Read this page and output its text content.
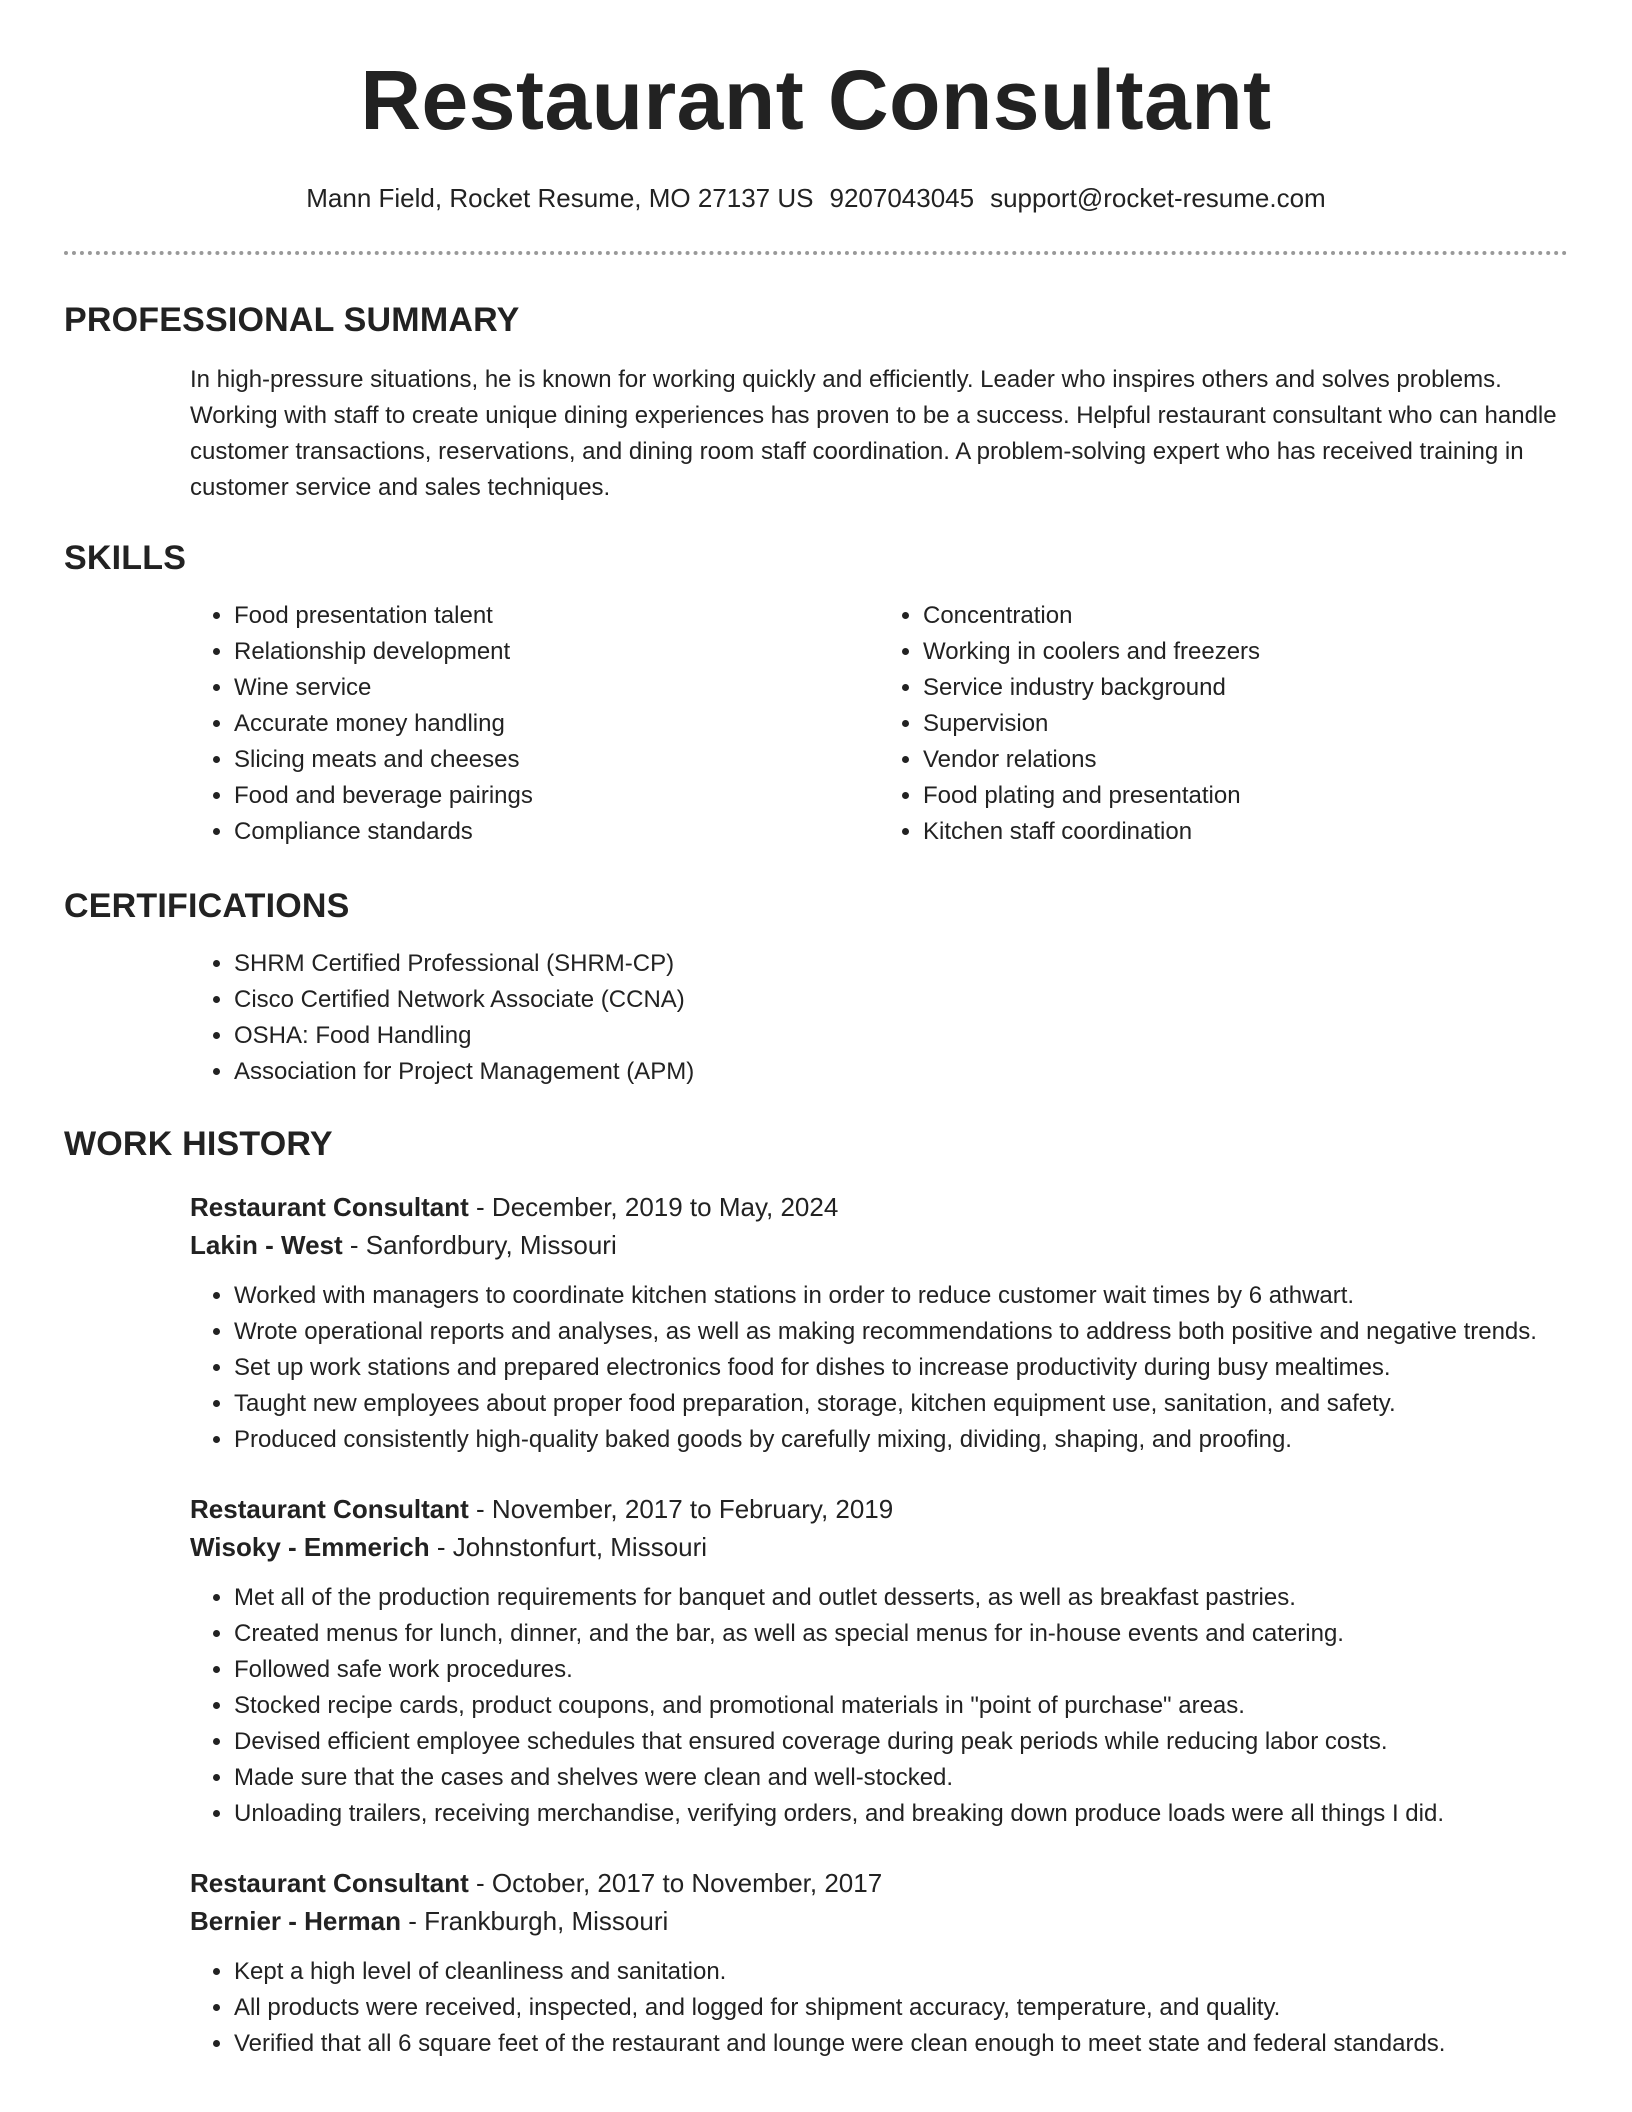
Restaurant Consultant
Mann Field, Rocket Resume, MO 27137 US 9207043045 support@rocket-resume.com
PROFESSIONAL SUMMARY
In high-pressure situations, he is known for working quickly and efficiently. Leader who inspires others and solves problems. Working with staff to create unique dining experiences has proven to be a success. Helpful restaurant consultant who can handle customer transactions, reservations, and dining room staff coordination. A problem-solving expert who has received training in customer service and sales techniques.
SKILLS
• Food presentation talent
• Relationship development
• Wine service
• Accurate money handling
• Slicing meats and cheeses
• Food and beverage pairings
• Compliance standards
• Concentration
• Working in coolers and freezers
• Service industry background
• Supervision
• Vendor relations
• Food plating and presentation
• Kitchen staff coordination
CERTIFICATIONS
• SHRM Certified Professional (SHRM-CP)
• Cisco Certified Network Associate (CCNA)
• OSHA: Food Handling
• Association for Project Management (APM)
WORK HISTORY
Restaurant Consultant - December, 2019 to May, 2024
Lakin - West - Sanfordbury, Missouri
• Worked with managers to coordinate kitchen stations in order to reduce customer wait times by 6 athwart.
• Wrote operational reports and analyses, as well as making recommendations to address both positive and negative trends.
• Set up work stations and prepared electronics food for dishes to increase productivity during busy mealtimes.
• Taught new employees about proper food preparation, storage, kitchen equipment use, sanitation, and safety.
• Produced consistently high-quality baked goods by carefully mixing, dividing, shaping, and proofing.
Restaurant Consultant - November, 2017 to February, 2019
Wisoky - Emmerich - Johnstonfurt, Missouri
• Met all of the production requirements for banquet and outlet desserts, as well as breakfast pastries.
• Created menus for lunch, dinner, and the bar, as well as special menus for in-house events and catering.
• Followed safe work procedures.
• Stocked recipe cards, product coupons, and promotional materials in "point of purchase" areas.
• Devised efficient employee schedules that ensured coverage during peak periods while reducing labor costs.
• Made sure that the cases and shelves were clean and well-stocked.
• Unloading trailers, receiving merchandise, verifying orders, and breaking down produce loads were all things I did.
Restaurant Consultant - October, 2017 to November, 2017
Bernier - Herman - Frankburgh, Missouri
• Kept a high level of cleanliness and sanitation.
• All products were received, inspected, and logged for shipment accuracy, temperature, and quality.
• Verified that all 6 square feet of the restaurant and lounge were clean enough to meet state and federal standards.
